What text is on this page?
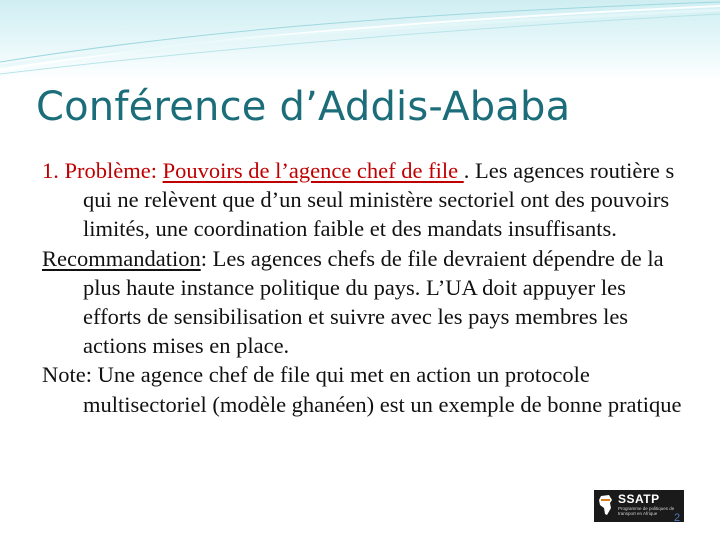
Conférence d’Addis-Ababa

1. Problème: Pouvoirs de l’agence chef de file . Les agences routière s qui ne relèvent que d’un seul ministère sectoriel ont des pouvoirs limités, une coordination faible et des mandats insuffisants.

Recommandation: Les agences chefs de file devraient dépendre de la plus haute instance politique du pays. L’UA doit appuyer les efforts de sensibilisation et suivre avec les pays membres les actions mises en place.

Note: Une agence chef de file qui met en action un protocole multisectoriel (modèle ghanéen) est un exemple de bonne pratique

SSATP
Programme de politiques de transport en Afrique	2
